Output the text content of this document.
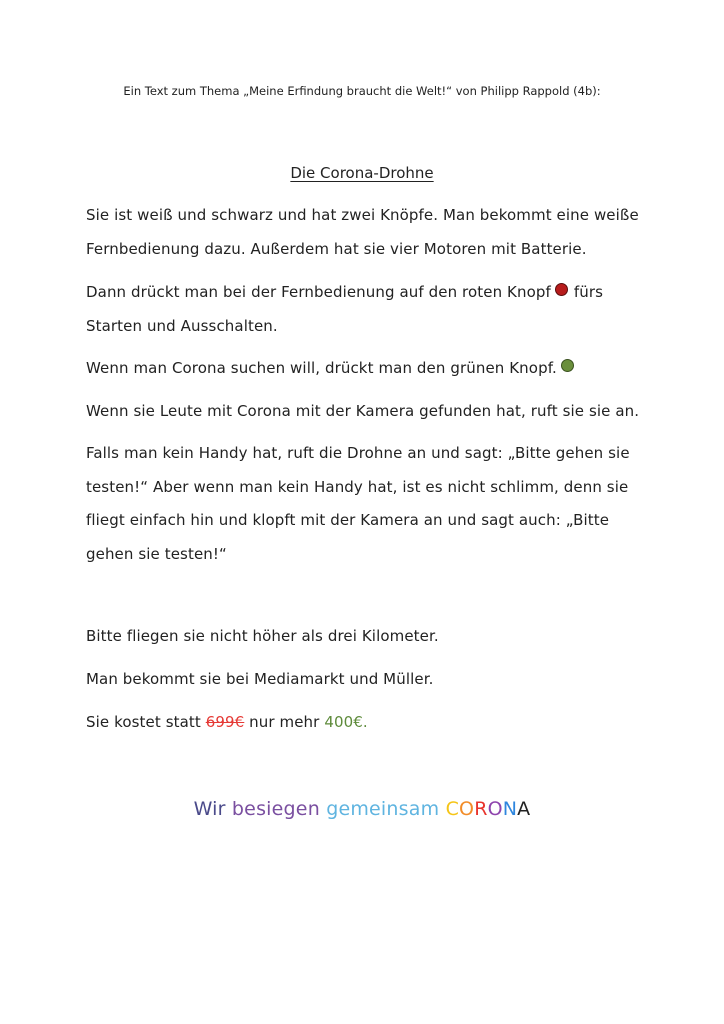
Ein Text zum Thema „Meine Erfindung braucht die Welt!“ von Philipp Rappold (4b):
Die Corona-Drohne
Sie ist weiß und schwarz und hat zwei Knöpfe. Man bekommt eine weiße
Fernbedienung dazu. Außerdem hat sie vier Motoren mit Batterie.
Dann drückt man bei der Fernbedienung auf den roten Knopf fürs
Starten und Ausschalten.
Wenn man Corona suchen will, drückt man den grünen Knopf.
Wenn sie Leute mit Corona mit der Kamera gefunden hat, ruft sie sie an.
Falls man kein Handy hat, ruft die Drohne an und sagt: „Bitte gehen sie
testen!“ Aber wenn man kein Handy hat, ist es nicht schlimm, denn sie
fliegt einfach hin und klopft mit der Kamera an und sagt auch: „Bitte
gehen sie testen!“
Bitte fliegen sie nicht höher als drei Kilometer.
Man bekommt sie bei Mediamarkt und Müller.
Sie kostet statt 699€ nur mehr 400€.
Wir besiegen gemeinsam CORONA
